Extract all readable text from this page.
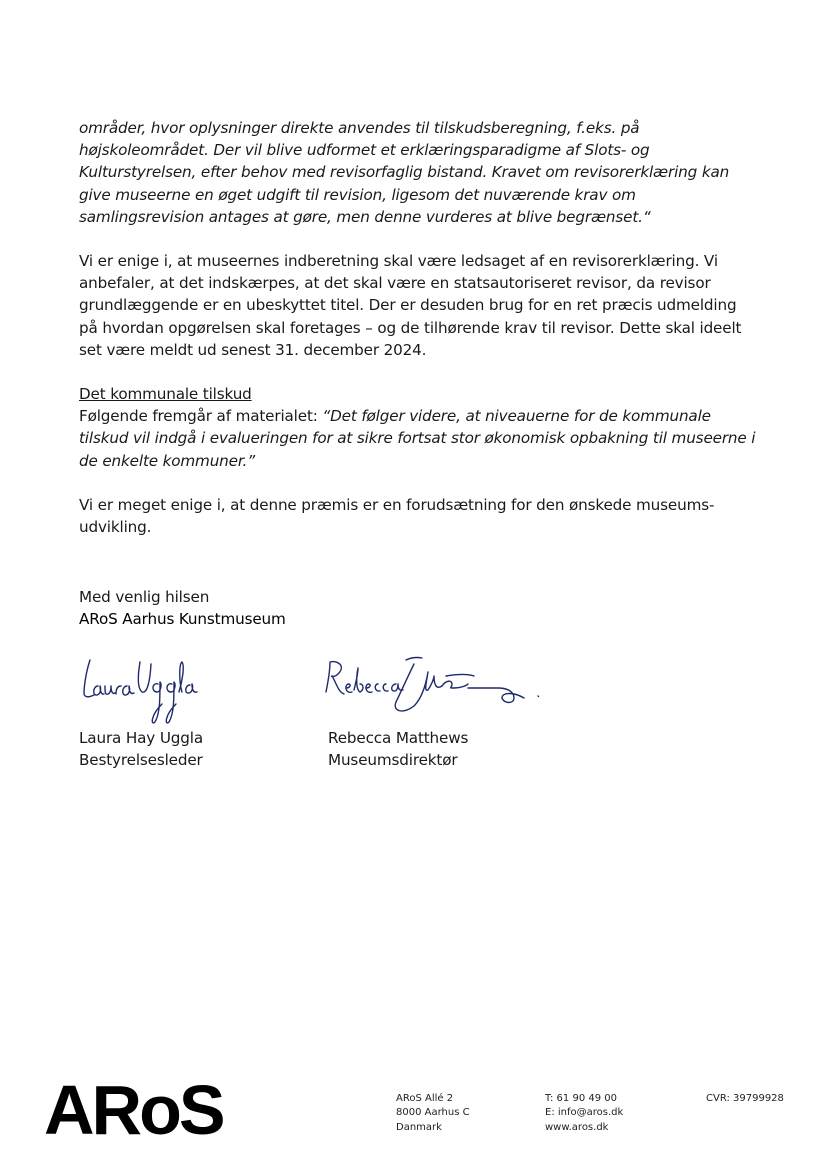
områder, hvor oplysninger direkte anvendes til tilskudsberegning, f.eks. på

højskoleområdet. Der vil blive udformet et erklæringsparadigme af Slots- og

Kulturstyrelsen, efter behov med revisorfaglig bistand. Kravet om revisorerklæring kan

give museerne en øget udgift til revision, ligesom det nuværende krav om

samlingsrevision antages at gøre, men denne vurderes at blive begrænset.“

Vi er enige i, at museernes indberetning skal være ledsaget af en revisorerklæring. Vi

anbefaler, at det indskærpes, at det skal være en statsautoriseret revisor, da revisor

grundlæggende er en ubeskyttet titel. Der er desuden brug for en ret præcis udmelding

på hvordan opgørelsen skal foretages – og de tilhørende krav til revisor. Dette skal ideelt

set være meldt ud senest 31. december 2024.

Det kommunale tilskud

Følgende fremgår af materialet: “Det følger videre, at niveauerne for de kommunale

tilskud vil indgå i evalueringen for at sikre fortsat stor økonomisk opbakning til museerne i

de enkelte kommuner.”

Vi er meget enige i, at denne præmis er en forudsætning for den ønskede museums-

udvikling.

Med venlig hilsen
ARoS Aarhus Kunstmuseum
Laura Hay Uggla
Bestyrelsesleder
Rebecca Matthews
Museumsdirektør
ARoS	ARoS Allé 2
8000 Aarhus C
Danmark
T: 61 90 49 00
E: info@aros.dk
www.aros.dk
CVR: 39799928
